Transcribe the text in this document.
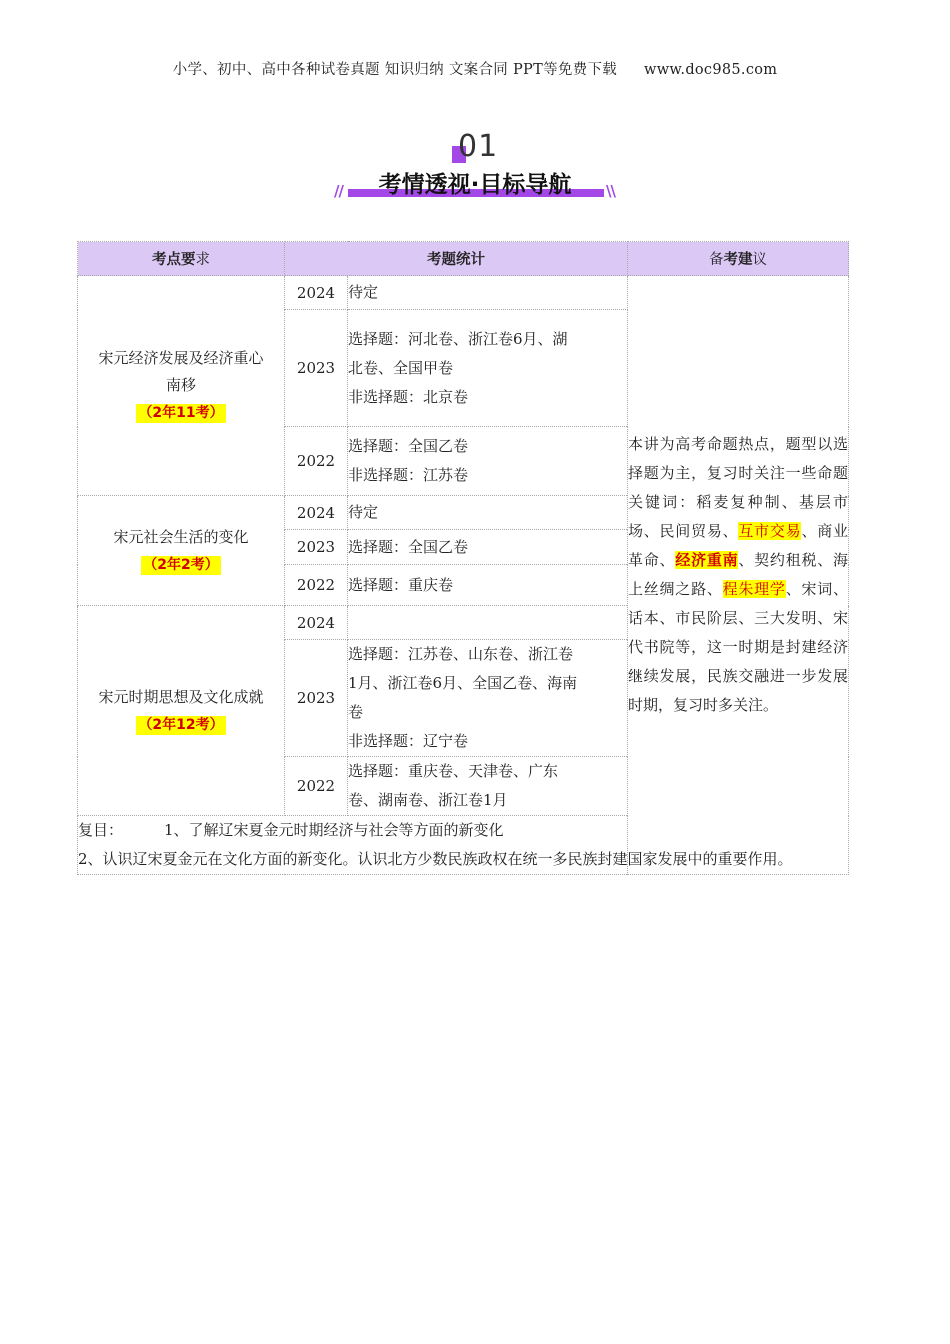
小学、初中、高中各种试卷真题 知识归纳 文案合同 PPT等免费下载 www.doc985.com
01
//	考情透视·目标导航	\\
考点要求	考题统计		备考建议

宋元经济发展及经济重心
南移
（2年11考）	2024	待定	本讲为高考命题热点，题型以选择题为主，复习时关注一些命题关键词：稻麦复种制、基层市场、民间贸易、互市交易、商业革命、经济重南、契约租税、海上丝绸之路、程朱理学、宋词、话本、市民阶层、三大发明、宋代书院等，这一时期是封建经济继续发展，民族交融进一步发展时期，复习时多关注。
	2023	选择题：河北卷、浙江卷6月、湖
北卷、全国甲卷
非选择题：北京卷	

	2022	选择题：全国乙卷
非选择题：江苏卷	

宋元社会生活的变化
（2年2考）	2024	待定	

	2023	选择题：全国乙卷	

	2022	选择题：重庆卷	

宋元时期思想及文化成就
（2年12考）	2024		

	2023	选择题：江苏卷、山东卷、浙江卷
1月、浙江卷6月、全国乙卷、海南
卷
非选择题：辽宁卷	

	2022	选择题：重庆卷、天津卷、广东
卷、湖南卷、浙江卷1月	

复目： 1、了解辽宋夏金元时期经济与社会等方面的新变化
2、认识辽宋夏金元在文化方面的新变化。认识北方少数民族政权在统一多民族封建国家发展中的重要作用。			
